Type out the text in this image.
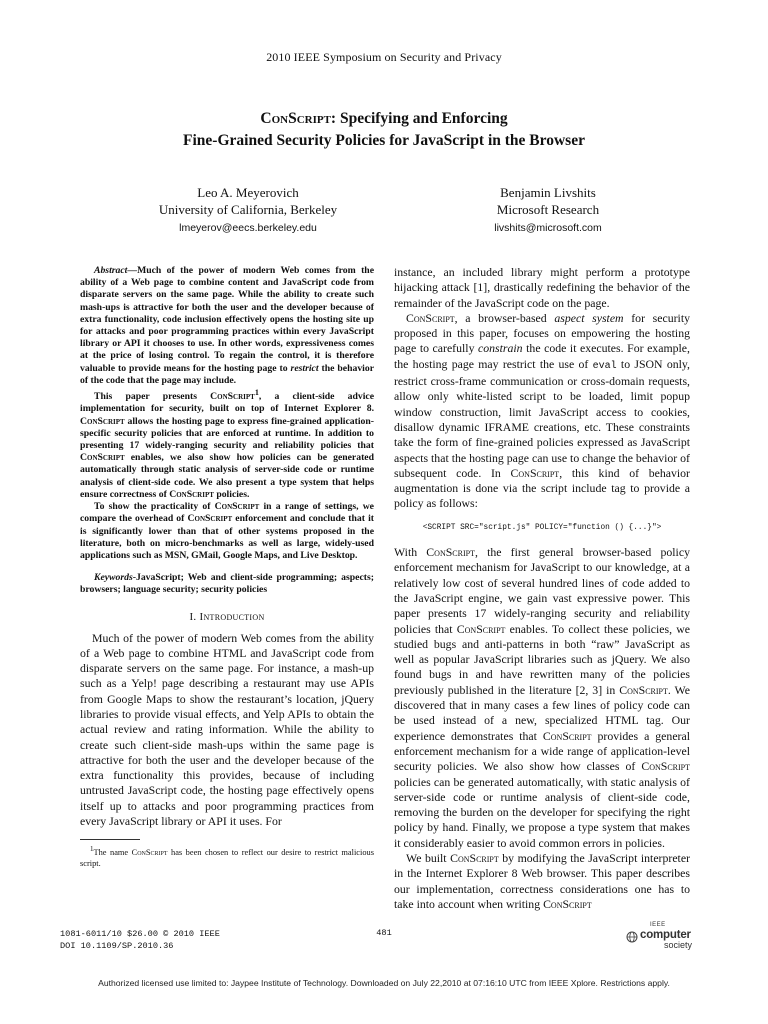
2010 IEEE Symposium on Security and Privacy
ConScript: Specifying and Enforcing
Fine-Grained Security Policies for JavaScript in the Browser
Leo A. Meyerovich
University of California, Berkeley
lmeyerov@eecs.berkeley.edu
Benjamin Livshits
Microsoft Research
livshits@microsoft.com

Abstract—Much of the power of modern Web comes from the ability of a Web page to combine content and JavaScript code from disparate servers on the same page. While the ability to create such mash-ups is attractive for both the user and the developer because of extra functionality, code inclusion effectively opens the hosting site up for attacks and poor programming practices within every JavaScript library or API it chooses to use. In other words, expressiveness comes at the price of losing control. To regain the control, it is therefore valuable to provide means for the hosting page to restrict the behavior of the code that the page may include.

This paper presents ConScript$^1$, a client-side advice implementation for security, built on top of Internet Explorer 8. ConScript allows the hosting page to express fine-grained application-specific security policies that are enforced at runtime. In addition to presenting 17 widely-ranging security and reliability policies that ConScript enables, we also show how policies can be generated automatically through static analysis of server-side code or runtime analysis of client-side code. We also present a type system that helps ensure correctness of ConScript policies.

To show the practicality of ConScript in a range of settings, we compare the overhead of ConScript enforcement and conclude that it is significantly lower than that of other systems proposed in the literature, both on micro-benchmarks as well as large, widely-used applications such as MSN, GMail, Google Maps, and Live Desktop.

Keywords-JavaScript; Web and client-side programming; aspects; browsers; language security; security policies
I. Introduction

Much of the power of modern Web comes from the ability of a Web page to combine HTML and JavaScript code from disparate servers on the same page. For instance, a mash-up such as a Yelp! page describing a restaurant may use APIs from Google Maps to show the restaurant’s location, jQuery libraries to provide visual effects, and Yelp APIs to obtain the actual review and rating information. While the ability to create such client-side mash-ups within the same page is attractive for both the user and the developer because of the extra functionality this provides, because of including untrusted JavaScript code, the hosting page effectively opens itself up to attacks and poor programming practices from every JavaScript library or API it uses. For

$^1$The name ConScript has been chosen to reflect our desire to restrict malicious script.

instance, an included library might perform a prototype hijacking attack [1], drastically redefining the behavior of the remainder of the JavaScript code on the page.

ConScript, a browser-based aspect system for security proposed in this paper, focuses on empowering the hosting page to carefully constrain the code it executes. For example, the hosting page may restrict the use of eval to JSON only, restrict cross-frame communication or cross-domain requests, allow only white-listed script to be loaded, limit popup window construction, limit JavaScript access to cookies, disallow dynamic IFRAME creations, etc. These constraints take the form of fine-grained policies expressed as JavaScript aspects that the hosting page can use to change the behavior of subsequent code. In ConScript, this kind of behavior augmentation is done via the script include tag to provide a policy as follows:

<SCRIPT SRC="script.js" POLICY="function () {...}">

With ConScript, the first general browser-based policy enforcement mechanism for JavaScript to our knowledge, at a relatively low cost of several hundred lines of code added to the JavaScript engine, we gain vast expressive power. This paper presents 17 widely-ranging security and reliability policies that ConScript enables. To collect these policies, we studied bugs and anti-patterns in both “raw” JavaScript as well as popular JavaScript libraries such as jQuery. We also found bugs in and have rewritten many of the policies previously published in the literature [2, 3] in ConScript. We discovered that in many cases a few lines of policy code can be used instead of a new, specialized HTML tag. Our experience demonstrates that ConScript provides a general enforcement mechanism for a wide range of application-level security policies. We also show how classes of ConScript policies can be generated automatically, with static analysis of server-side code or runtime analysis of client-side code, removing the burden on the developer for specifying the right policy by hand. Finally, we propose a type system that makes it considerably easier to avoid common errors in policies.

We built ConScript by modifying the JavaScript interpreter in the Internet Explorer 8 Web browser. This paper describes our implementation, correctness considerations one has to take into account when writing ConScript

1081-6011/10 $26.00 © 2010 IEEE
DOI 10.1109/SP.2010.36
481
IEEE
computer
society
Authorized licensed use limited to: Jaypee Institute of Technology. Downloaded on July 22,2010 at 07:16:10 UTC from IEEE Xplore. Restrictions apply.
